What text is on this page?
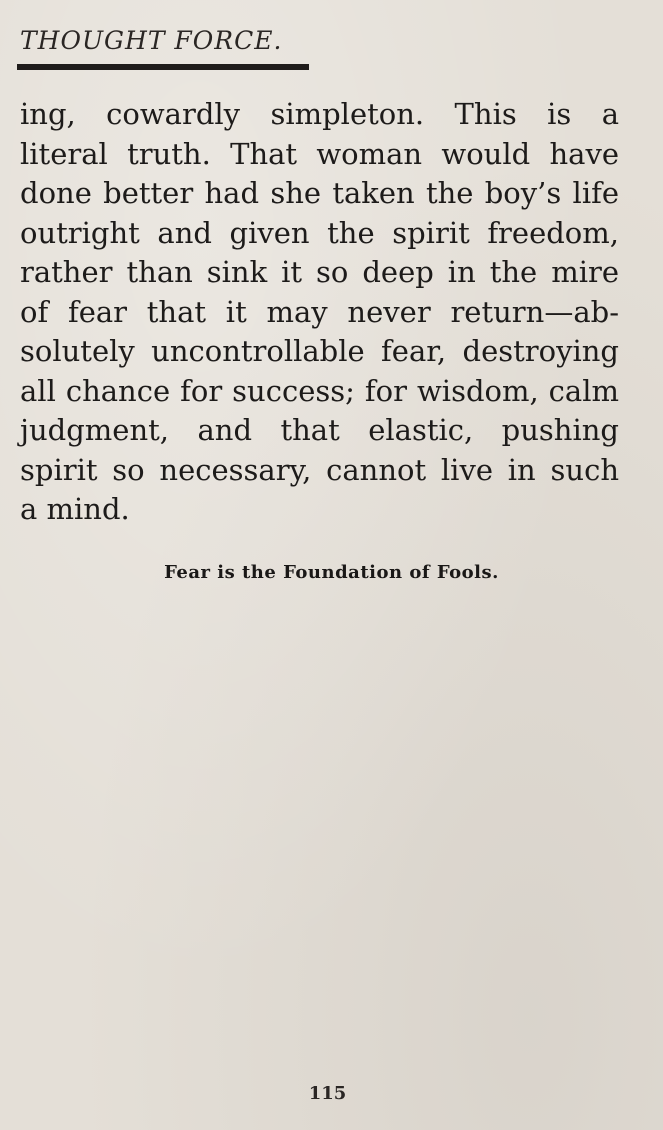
THOUGHT FORCE.
ing, cowardly simpleton. This is a
literal truth. That woman would have
done better had she taken the boy’s life
outright and given the spirit freedom,
rather than sink it so deep in the mire
of fear that it may never return—ab-
solutely uncontrollable fear, destroying
all chance for success; for wisdom, calm
judgment, and that elastic, pushing
spirit so necessary, cannot live in such
a mind.
Fear is the Foundation of Fools.
115
